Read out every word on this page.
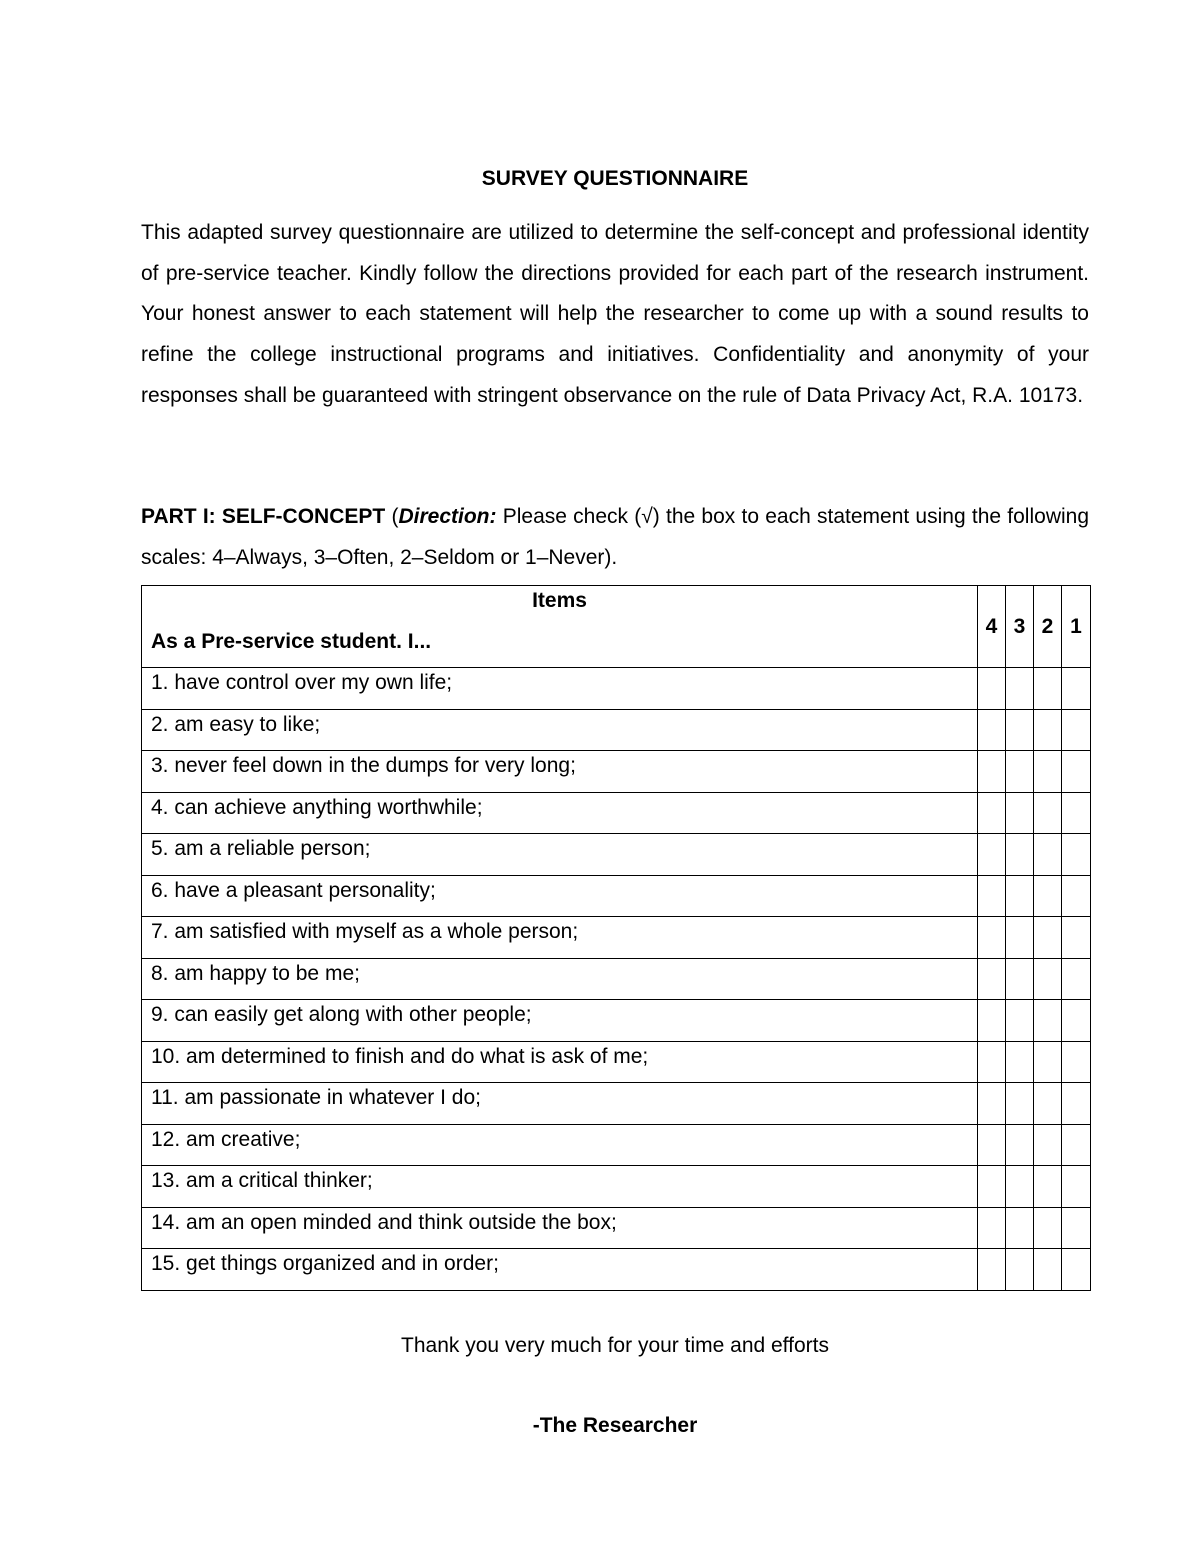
SURVEY QUESTIONNAIRE

This adapted survey questionnaire are utilized to determine the self-concept and professional identity of pre-service teacher. Kindly follow the directions provided for each part of the research instrument. Your honest answer to each statement will help the researcher to come up with a sound results to refine the college instructional programs and initiatives. Confidentiality and anonymity of your responses shall be guaranteed with stringent observance on the rule of Data Privacy Act, R.A. 10173.

PART I: SELF-CONCEPT (Direction: Please check (√) the box to each statement using the following scales: 4–Always, 3–Often, 2–Seldom or 1–Never).

Items
As a Pre-service student. I...	4	3	2	1
1. have control over my own life;				
2. am easy to like;				
3. never feel down in the dumps for very long;				
4. can achieve anything worthwhile;				
5. am a reliable person;				
6. have a pleasant personality;				
7. am satisfied with myself as a whole person;				
8. am happy to be me;				
9. can easily get along with other people;				
10. am determined to finish and do what is ask of me;				
11. am passionate in whatever I do;				
12. am creative;				
13. am a critical thinker;				
14. am an open minded and think outside the box;				
15. get things organized and in order;				
Thank you very much for your time and efforts
-The Researcher
